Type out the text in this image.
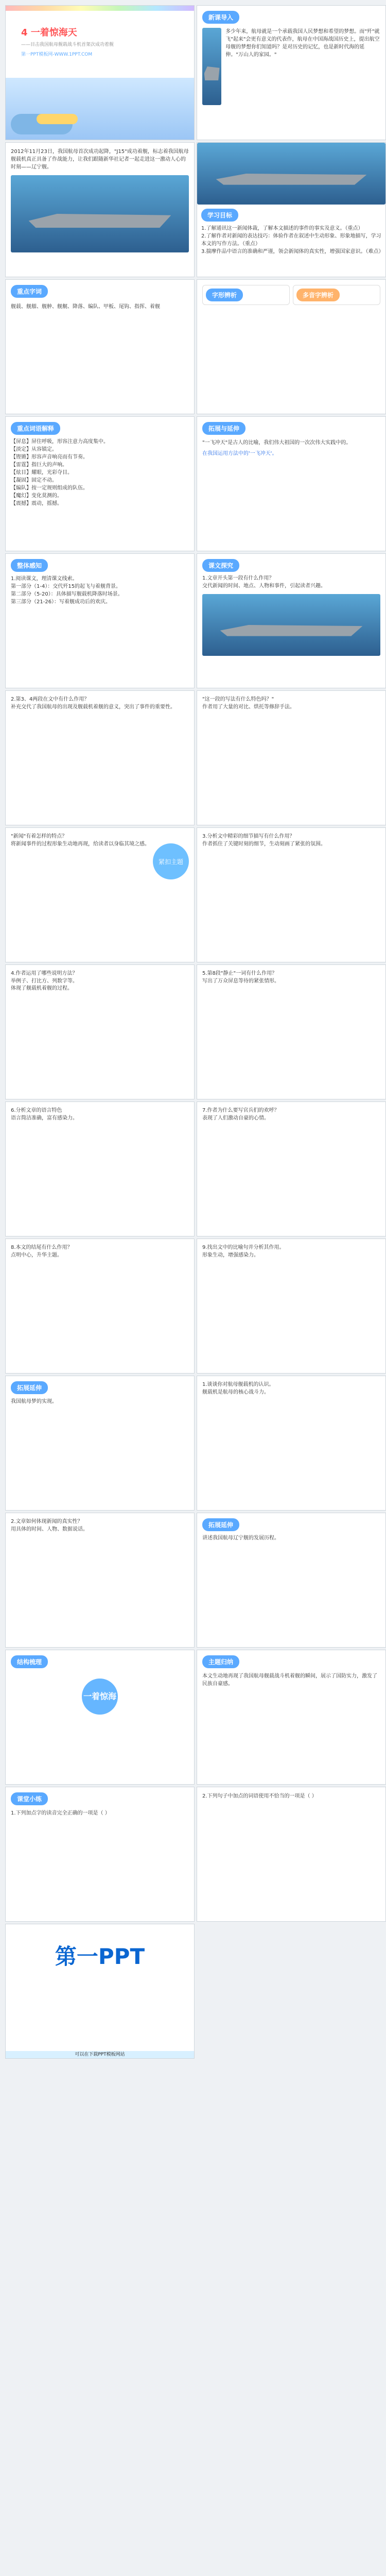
4 一着惊海天
——目击我国航母舰载战斗机首架次成功着舰
第一PPT模板网-WWW.1PPT.COM
新课导入
多少年来，航母就是一个承载我国人民梦想和希望的梦想。而"歼"就飞"起来"会更有意义的代表作，航母在中国海战国历史上，提出航空母舰的梦想你们知道吗？是对历史的记忆，也是新时代海的延伸。"万山人的家园。"
2012年11月23日，我国航母首次成功起降，"J15"成功着舰，标志着我国航母舰载机真正具备了作战能力，让我们跟随新华社记者一起走进这一激动人心的时刻——辽宁舰。
学习目标
1.了解通讯这一新闻体裁，了解本文描述的事件的事实及意义。（重点）
2.了解作者对新闻的表达技巧：体验作者在叙述中生动形象、形象地描写，学习本文的写作方法。（重点）
3.揣摩作品中语言的准确和严谨，领会新闻体的真实性，增强国家意识。（难点）
重点字词
舰载、舰艏、舰舯、舰艉、降落、编队、甲板、尾钩、指挥、着舰
字形辨析	多音字辨析
重点词语解释
【屏息】屏住呼吸，形容注意力高度集中。
【淡定】从容镇定。
【铿锵】形容声音响亮而有节奏。
【雷霆】指巨大的声响。
【炫目】耀眼，光彩夺目。
【凝固】固定不动。
【编队】按一定规则组成的队伍。
【魔幻】变化莫测的。
【震撼】震动，摇撼。
拓展与延伸
"一飞冲天"是古人的比喻，我们伟大祖国的一次次伟大实践中的。
在我国运用方法中的'一飞冲天'。
整体感知
1.阅读课文，理清课文线索。
第一部分（1-4）：交代歼15的起飞与着舰背景。
第二部分（5-20）：具体描写舰载机降落时场景。
第三部分（21-26）：写着舰成功后的欢庆。
课文探究
1.文章开头第一段有什么作用？
交代新闻的时间、地点、人物和事件，引起读者兴趣。
2.第3、4两段在文中有什么作用？
补充交代了我国航母的出现及舰载机着舰的意义，突出了事件的重要性。
"这一段的写法有什么特色吗？"
作者用了大量的对比、烘托等修辞手法。
"新闻"有着怎样的特点？
将新闻事件的过程形象生动地再现，给读者以身临其境之感。
紧扣主题
3.分析文中精彩的细节描写有什么作用？
作者抓住了关键时刻的细节，生动刻画了紧张的氛围。
4.作者运用了哪些说明方法？
举例子、打比方、列数字等。
体现了舰载机着舰的过程。
5.第8段"静止"一词有什么作用？
写出了万众屏息等待的紧张情形。
6.分析文章的语言特色
语言简洁准确，富有感染力。
7.作者为什么要写官兵们的欢呼？
表现了人们激动自豪的心情。
8.本文的结尾有什么作用？
点明中心，升华主题。
9.找出文中的比喻句并分析其作用。
形象生动，增强感染力。
拓展延伸
我国航母梦的实现。
1.谈谈你对航母舰载机的认识。
舰载机是航母的核心战斗力。
2.文章如何体现新闻的真实性？
用具体的时间、人物、数据说话。
拓展延伸
讲述我国航母辽宁舰的发展历程。
结构梳理
一着惊海天
主题归纳
本文生动地再现了我国航母舰载战斗机着舰的瞬间，展示了国防实力，激发了民族自豪感。
课堂小练
1.下列加点字的读音完全正确的一项是（ ）
2.下列句子中加点的词语使用不恰当的一项是（ ）
第一PPT
可以在下载PPT模板网站
